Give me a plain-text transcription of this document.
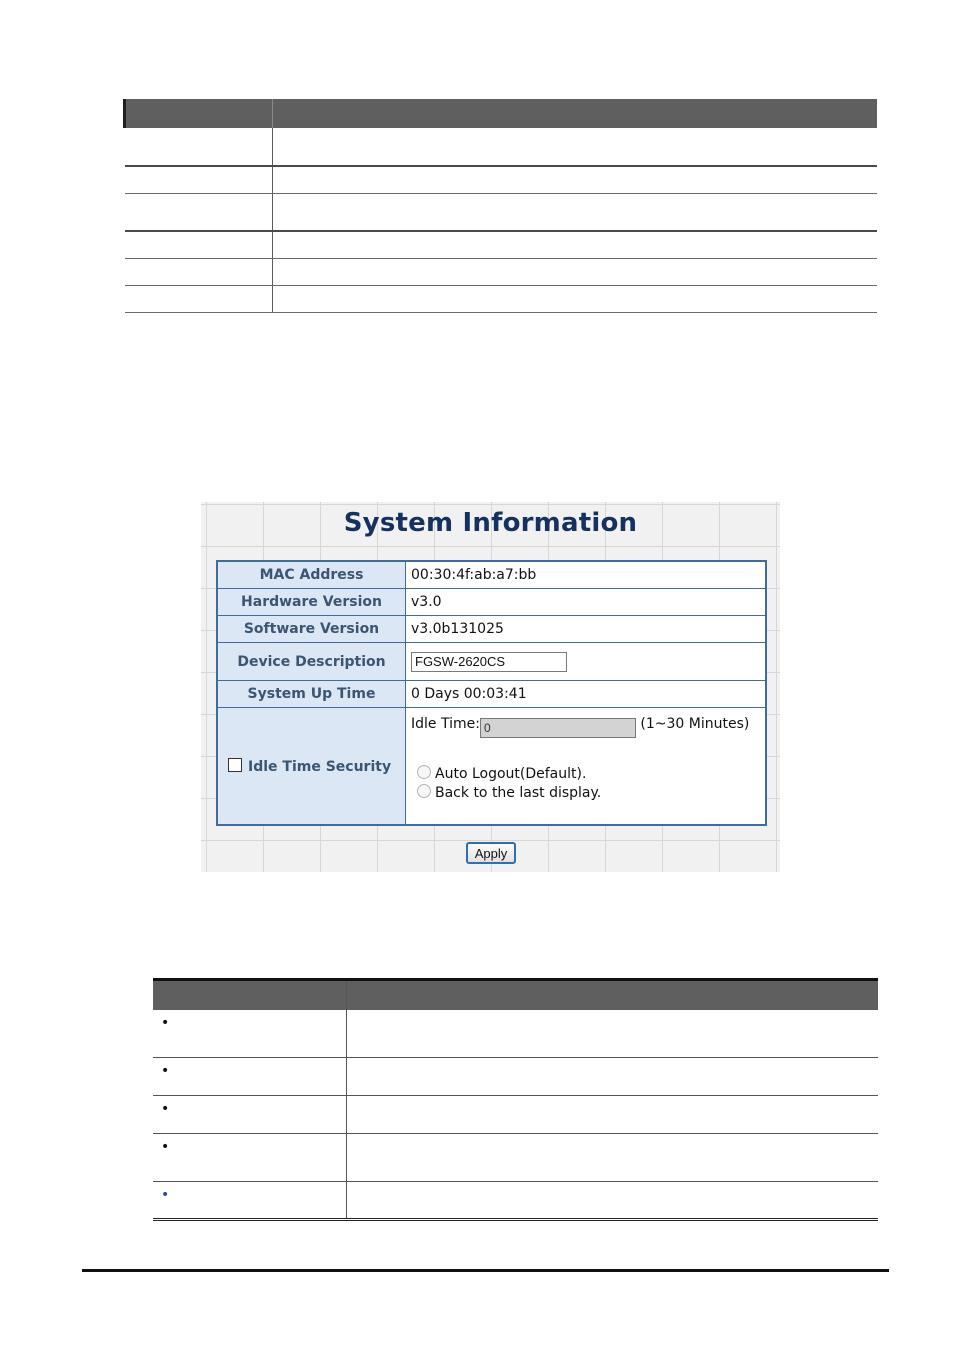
System Information
MAC Address	00:30:4f:ab:a7:bb
Hardware Version	v3.0
Software Version	v3.0b131025
Device Description	FGSW-2620CS
System Up Time	0 Days 00:03:41
Idle Time Security	Idle Time: 0 (1~30 Minutes)
Auto Logout(Default).
Back to the last display.
Apply

•	

•	

•	

•	

•	
